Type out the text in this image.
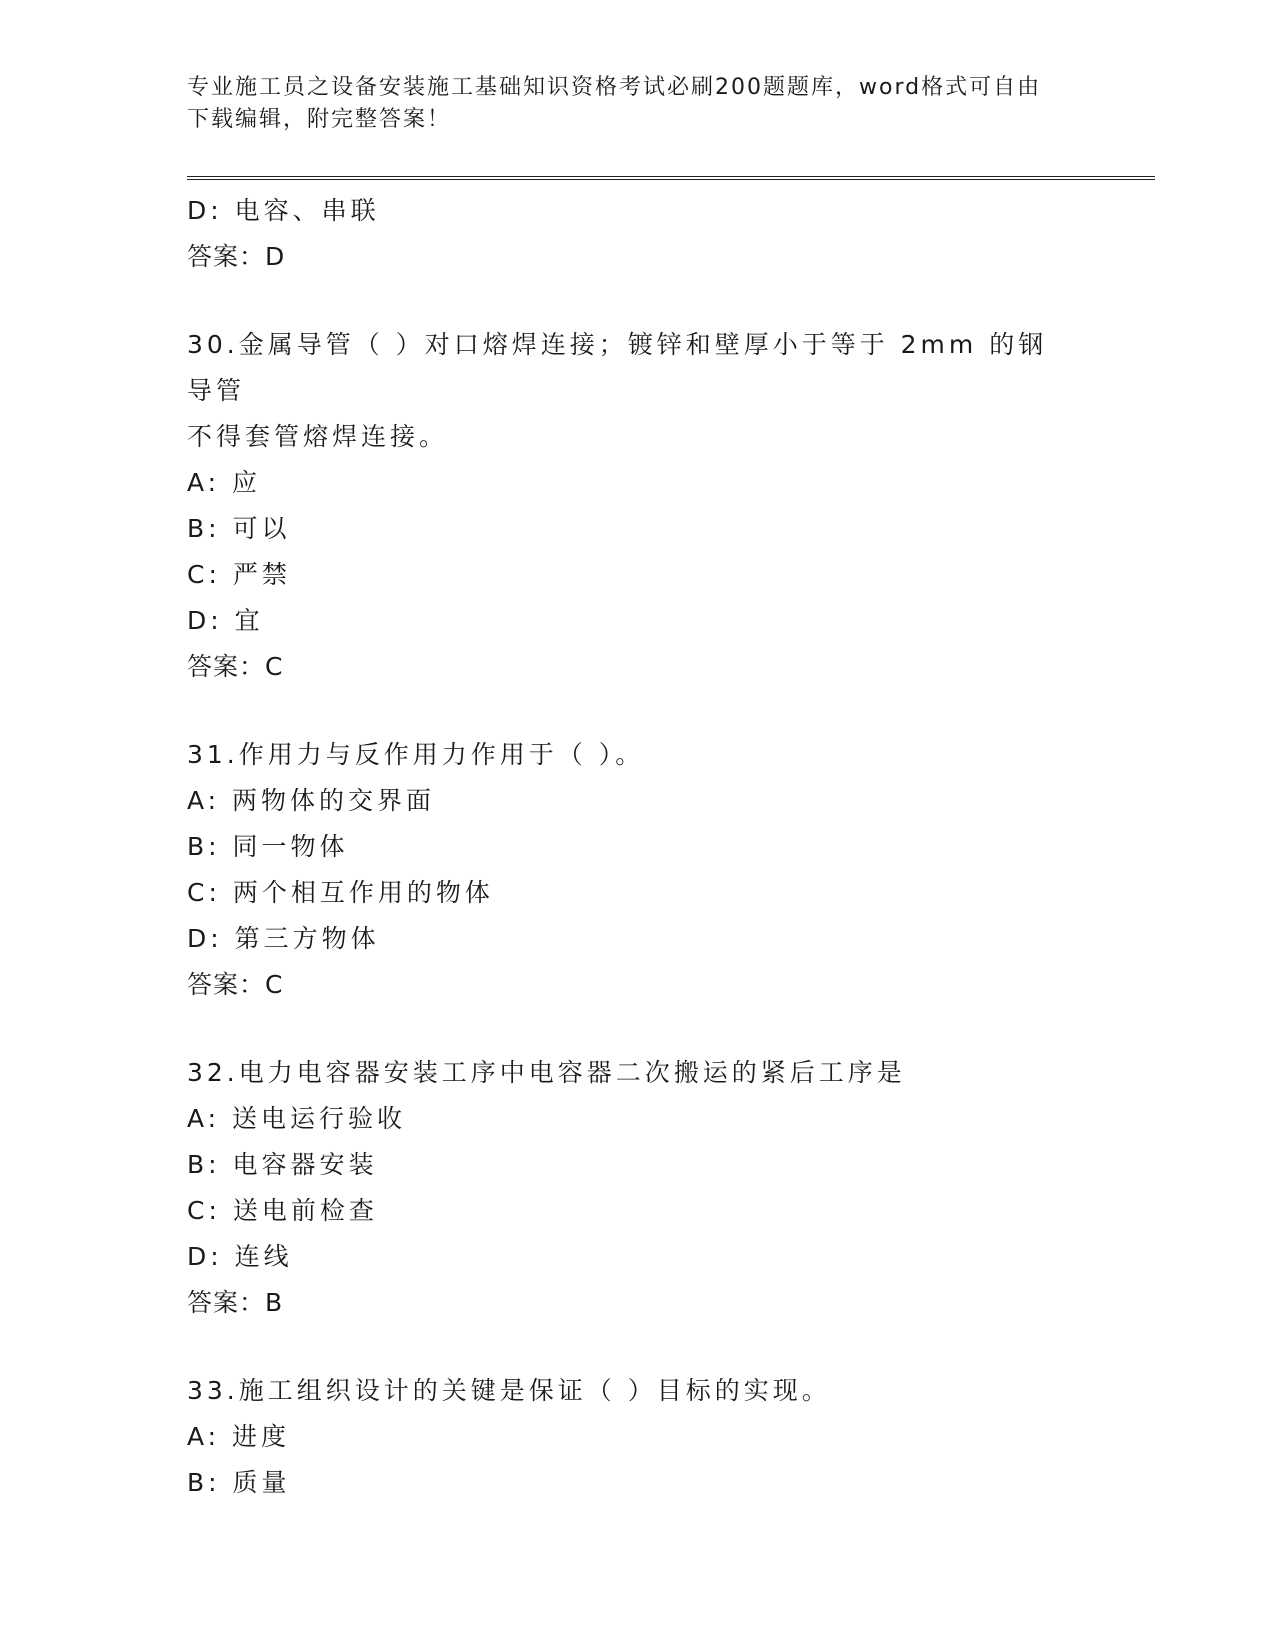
专业施工员之设备安装施工基础知识资格考试必刷200题题库，word格式可自由
下载编辑，附完整答案！
D: 电容、串联
答案：D
30.金属导管（ ）对口熔焊连接；镀锌和壁厚小于等于 2mm 的钢导管
不得套管熔焊连接。
A: 应
B: 可以
C: 严禁
D: 宜
答案：C
31.作用力与反作用力作用于（ ）。
A: 两物体的交界面
B: 同一物体
C: 两个相互作用的物体
D: 第三方物体
答案：C
32.电力电容器安装工序中电容器二次搬运的紧后工序是
A: 送电运行验收
B: 电容器安装
C: 送电前检查
D: 连线
答案：B
33.施工组织设计的关键是保证（ ）目标的实现。
A: 进度
B: 质量
